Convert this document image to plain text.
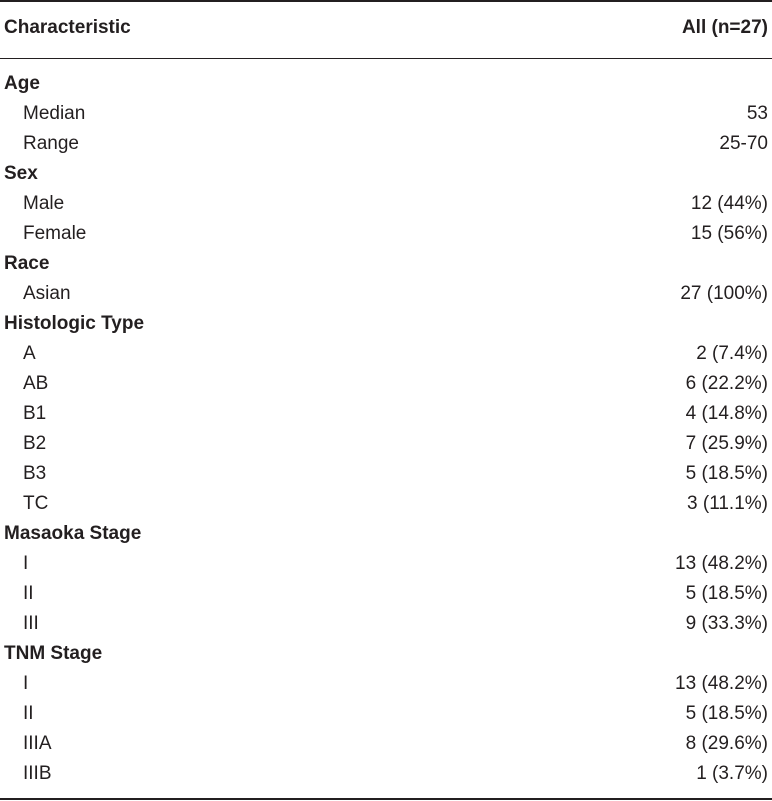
Characteristic	All (n=27)
Age
Median	53
Range	25-70
Sex
Male	12 (44%)
Female	15 (56%)
Race
Asian	27 (100%)
Histologic Type
A	2 (7.4%)
AB	6 (22.2%)
B1	4 (14.8%)
B2	7 (25.9%)
B3	5 (18.5%)
TC	3 (11.1%)
Masaoka Stage
I	13 (48.2%)
II	5 (18.5%)
III	9 (33.3%)
TNM Stage
I	13 (48.2%)
II	5 (18.5%)
IIIA	8 (29.6%)
IIIB	1 (3.7%)
